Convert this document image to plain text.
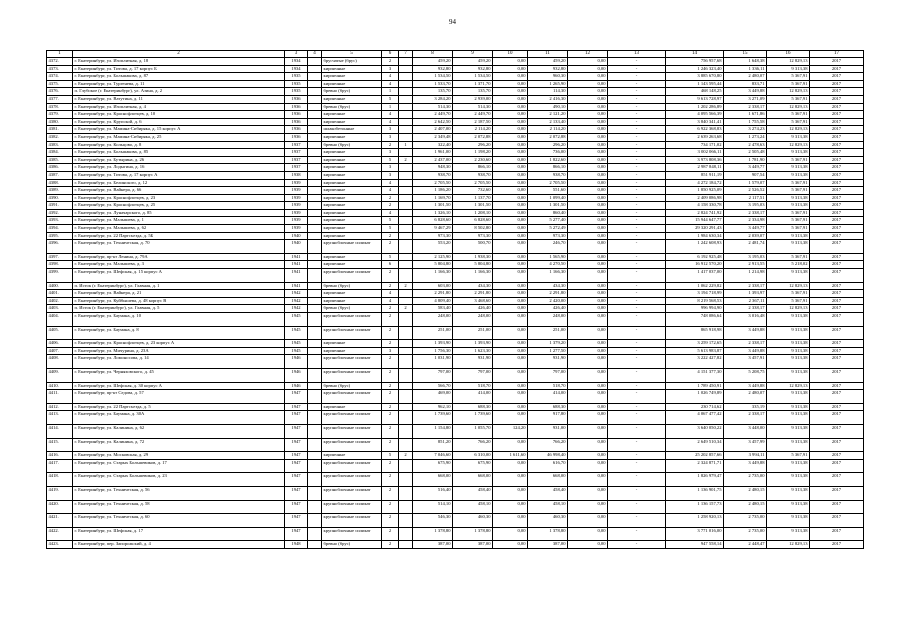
94
1	2	3	4	5	6	7	8	9	10	11	12	13	14	15	16	17
4372.	г. Екатеринбург, ул. Изоплитная, д. 18	1934		брусчатые (брус)	2		459,20	459,20	0,00	459,20	0,00	-	756 957,68	1 648,38	12 829,13	2017
4373.	г. Екатеринбург, ул. Титова, д. 17 корпус Б	1934		кирпичные	3		932,80	932,80	0,00	932,80	0,00	-	1 246 323,40	1 336,11	9 313,38	2017
4374.	г. Екатеринбург, ул. Большакова, д. 87	1935		кирпичные	4		1 534,50	1 534,50	0,00	960,30	0,00	-	3 885 670,80	2 480,07	5 367,91	2017
4375.	г. Екатеринбург, ул. Тургенева, д. 11	1935		кирпичные	4		1 533,70	1 371,70	0,00	1 265,90	0,00	-	1 143 595,44	833,71	5 367,91	2017
4376.	п. Глубокое (г. Екатеринбург), ул. Азина, д. 2	1935		бревно (брус)	1		135,70	135,70	0,00	114,30	0,00	-	468 148,25	3 449,88	12 829,13	2017
4377.	г. Екатеринбург, ул. Ватутина, д. 11	1936		кирпичные	5		3 284,20	2 939,00	0,00	2 416,30	0,00	-	9 613 728,97	3 271,09	5 367,91	2017
4378.	г. Екатеринбург, ул. Изоплитная, д. 4	1936		бревно (брус)	1		514,30	514,30	0,00	490,10	0,00	-	1 202 286,89	2 338,17	12 829,13	2017
4379.	г. Екатеринбург, ул. Краснофлотцев, д. 10	1936		кирпичные	4		2 449,70	2 449,70	0,00	2 121,20	0,00	-	4 095 566,39	1 671,86	5 367,91	2017
4380.	г. Екатеринбург, ул. Крупской, д. 6	1936		кирпичные	4		2 642,50	2 187,50	0,00	2 133,40	0,00	-	3 840 341,41	1 755,58	5 367,91	2017
4381.	г. Екатеринбург, ул. Мамина-Сибиряка, д. 15 корпус А	1936		шлакобетонные	3		2 407,00	2 114,20	0,00	2 114,20	0,00	-	6 922 368,83	3 274,23	12 829,13	2017
4382.	г. Екатеринбург, ул. Мамина-Сибиряка, д. 25	1936		кирпичные	3		2 349,48	2 072,88	0,00	2 072,88	0,00	-	2 639 263,68	1 273,24	9 313,38	2017
4383.	г. Екатеринбург, ул. Кольцово, д. 8	1937		бревно (брус)	2	1	322,40	296,20	0,00	296,20	0,00	-	734 171,02	2 478,63	12 829,13	2017
4384.	г. Екатеринбург, ул. Большакова, д. 85	1937		кирпичные	3		1 961,00	1 198,20	0,00	736,00	0,00	-	3 002 066,11	2 505,48	9 313,38	2017
4385.	г. Екатеринбург, ул. Бутырина, д. 26	1937		кирпичные	5	2	2 437,00	2 230,60	0,00	1 822,60	0,00	-	3 973 808,36	1 781,90	5 367,91	2017
4386.	г. Екатеринбург, ул. Лодыгина, д. 16	1937		кирпичные	3		948,30	866,10	0,00	866,10	0,00	-	2 987 848,11	3 449,77	9 313,38	2017
4387.	г. Екатеринбург, ул. Титова, д. 17 корпус А	1938		кирпичные	3		938,70	938,70	0,00	938,70	0,00	-	851 911,19	907,54	9 313,38	2017
4388.	г. Екатеринбург, ул. Белинского, д. 12	1939		кирпичные	4		2 705,50	2 705,50	0,00	2 705,50	0,00	-	4 272 184,72	1 579,07	5 367,91	2017
4389.	г. Екатеринбург, ул. Вайнера, д. 66	1939		кирпичные	4		1 186,20	732,60	0,00	551,60	0,00	-	1 850 925,09	2 526,52	5 367,91	2017
4390.	г. Екатеринбург, ул. Краснофлотцев, д. 23	1939		кирпичные	2		1 169,70	1 137,70	0,00	1 099,40	0,00	-	2 409 086,98	2 117,51	9 313,38	2017
4391.	г. Екатеринбург, ул. Краснофлотцев, д. 25	1939		кирпичные	2		1 301,50	1 301,50	0,00	1 301,50	0,00	-	4 158 330,78	3 195,03	9 313,38	2017
4392.	г. Екатеринбург, ул. Луначарского, д. 85	1939		кирпичные	4		1 326,10	1 208,10	0,00	860,40	0,00	-	2 824 741,92	2 338,17	5 367,91	2017
4393.	г. Екатеринбург, ул. Малышева, д. 1	1939		кирпичные	5		6 828,60	6 828,60	0,00	5 277,40	0,00	-	15 944 647,77	2 334,98	5 367,91	2017
4394.	г. Екатеринбург, ул. Малышева, д. 62	1939		кирпичные	5		9 467,29	8 502,80	0,00	5 272,49	0,00	-	29 320 291,43	3 449,77	5 367,91	2017
4395.	г. Екатеринбург, ул. 22 Партсъезда, д. 5Б	1940		кирпичные	2		973,30	973,30	0,00	973,30	0,00	-	1 984 630,34	2 039,07	9 313,38	2017
4396.	г. Екатеринбург, ул. Техническая, д. 70	1940		крупноблочные силикат	2		553,20	500,70	0,00	246,70	0,00	-	1 242 608,93	2 481,74	9 313,38	2017
4397.	г. Екатеринбург, пр-кт Ленина, д. 79А	1941		кирпичные	5		2 125,90	1 938,30	0,00	1 565,90	0,00	-	6 192 925,48	3 195,03	5 367,91	2017
4398.	г. Екатеринбург, ул. Малышева, д. 3	1941		кирпичные	6		5 804,80	5 804,80	0,00	4 270,50	0,00	-	16 912 570,20	2 913,55	5 218,02	2017
4399.	г. Екатеринбург, ул. Шефская, д. 15 корпус А	1941		крупноблочные силикат	2		1 166,30	1 166,30	0,00	1 166,30	0,00	-	1 417 037,00	1 214,98	9 313,38	2017
4400.	п. Исток (г. Екатеринбург), ул. Главная, д. 1	1941		бревно (брус)	2	2	603,00	434,30	0,00	434,30	0,00	-	1 062 229,82	2 338,17	12 829,13	2017
4401.	г. Екатеринбург, ул. Вайнера, д. 21	1942		кирпичные	4		2 291,80	2 291,80	0,00	2 291,80	0,00	-	3 194 718,99	1 393,97	5 367,91	2017
4402.	г. Екатеринбург, ул. Куйбышева, д. 48 корпус В	1942		кирпичные	4		4 809,40	3 468,60	0,00	2 420,00	0,00	-	8 219 568,53	2 367,11	5 367,91	2017
4403.	п. Исток (г. Екатеринбург), ул. Главная, д. 5	1942		бревно (брус)	2	2	583,40	426,40	0,00	426,40	0,00	-	996 994,90	2 338,17	12 829,13	2017
4404.	г. Екатеринбург, ул. Баумана, д. 10	1945		крупноблочные силикат	2		248,00	248,00	0,00	248,00	0,00	-	748 086,64	3 016,48	9 313,38	2017
4405.	г. Екатеринбург, ул. Баумана, д. 8	1945		крупноблочные силикат	2		251,00	251,00	0,00	251,00	0,00	-	865 918,98	3 449,88	9 313,38	2017
4406.	г. Екатеринбург, ул. Краснофлотцев, д. 23 корпус А	1945		кирпичные	2		1 393,90	1 393,90	0,00	1 379,20	0,00	-	3 259 172,65	2 338,17	9 313,38	2017
4407.	г. Екатеринбург, ул. Мичурина, д. 23А	1945		кирпичные	3		1 756,30	1 623,30	0,00	1 277,50	0,00	-	5 613 983,87	3 449,88	9 313,38	2017
4408.	г. Екатеринбург, ул. Ломоносова, д. 14	1946		крупноблочные силикат	2		1 031,90	931,90	0,00	931,90	0,00	-	3 222 427,82	3 457,91	9 313,38	2017
4409.	г. Екатеринбург, ул. Черняховского, д. 45	1946		крупноблочные силикат	2		797,00	797,00	0,00	797,00	0,00	-	4 151 377,30	5 208,75	9 313,38	2017
4410.	г. Екатеринбург, ул. Шефская, д. 30 корпус А	1946		бревно (брус)	2		566,70	518,70	0,00	518,70	0,00	-	1 789 450,91	3 449,88	12 829,13	2017
4411.	г. Екатеринбург, пр-кт Седова, д. 57	1947		крупноблочные силикат	2		469,00	414,00	0,00	414,00	0,00	-	1 026 749,89	2 480,07	9 313,38	2017
4412.	г. Екатеринбург, ул. 22 Партсъезда, д. 5	1947		кирпичные	2		962,10	688,30	0,00	688,30	0,00	-	230 714,62	335,19	9 313,38	2017
4413.	г. Екатеринбург, ул. Баумана, д. 30А	1947		крупноблочные силикат	2		1 739,60	1 739,60	0,00	917,80	0,00	-	4 067 477,42	2 338,17	9 313,38	2017
4414.	г. Екатеринбург, ул. Калинина, д. 62	1947		крупноблочные силикат	2		1 154,80	1 055,70	124,20	931,00	0,00	-	3 640 050,22	3 448,00	9 313,38	2017
4415.	г. Екатеринбург, ул. Калинина, д. 72	1947		крупноблочные силикат	2		851,20	766,20	0,00	766,20	0,00	-	2 649 510,34	3 457,99	9 313,38	2017
4416.	г. Екатеринбург, ул. Московская, д. 29	1947		кирпичные	5	2	7 046,60	6 310,00	1 611,60	46 998,40	0,00	-	25 202 857,66	3 994,11	5 367,91	2017
4417.	г. Екатеринбург, ул. Старых Большевиков, д. 17	1947		крупноблочные силикат	2		675,90	675,90	0,00	616,70	0,00	-	2 324 871,71	3 449,88	9 313,38	2017
4418.	г. Екатеринбург, ул. Старых Большевиков, д. 23	1947		крупноблочные силикат	2		668,00	668,00	0,00	668,00	0,00	-	1 826 979,47	2 735,00	9 313,38	2017
4419.	г. Екатеринбург, ул. Техническая, д. 56	1947		крупноблочные силикат	2		516,40	458,40	0,00	458,40	0,00	-	1 136 901,75	2 480,15	9 313,38	2017
4420.	г. Екатеринбург, ул. Техническая, д. 58	1947		крупноблочные силикат	2		514,10	458,10	0,00	458,10	0,00	-	1 136 157,73	2 480,15	9 313,38	2017
4421.	г. Екатеринбург, ул. Техническая, д. 60	1947		крупноблочные силикат	2		546,30	460,30	0,00	460,30	0,00	-	1 258 920,13	2 735,00	9 313,38	2017
4422.	г. Екатеринбург, ул. Шефская, д. 17	1947		крупноблочные силикат	2		1 378,80	1 378,80	0,00	1 378,80	0,00	-	3 771 016,00	2 735,00	9 313,38	2017
4423.	г. Екатеринбург, пер. Запорожский, д. 4	1948		бревно (брус)	2		387,00	387,00	0,00	387,00	0,00	-	947 558,14	2 448,47	12 829,13	2017
